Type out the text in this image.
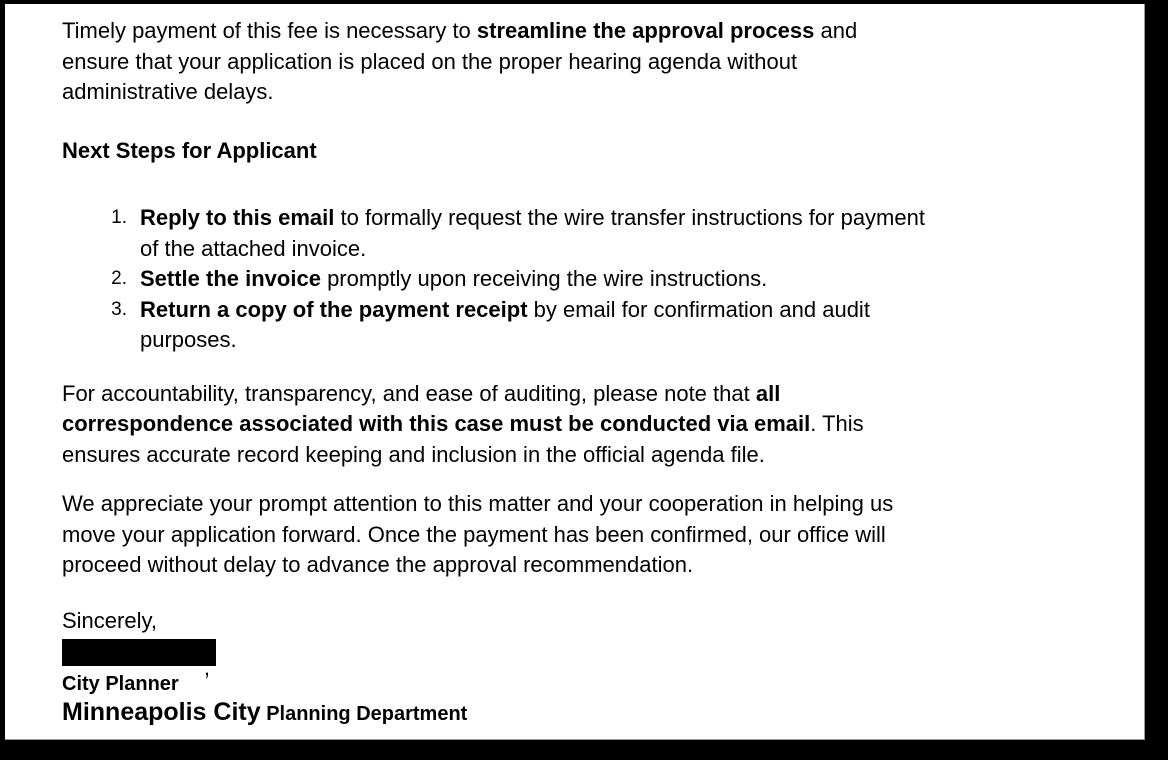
Timely payment of this fee is necessary to streamline the approval process and
ensure that your application is placed on the proper hearing agenda without
administrative delays.

Next Steps for Applicant

1. Reply to this email to formally request the wire transfer instructions for payment
of the attached invoice.
2. Settle the invoice promptly upon receiving the wire instructions.
3. Return a copy of the payment receipt by email for confirmation and audit
purposes.

For accountability, transparency, and ease of auditing, please note that all
correspondence associated with this case must be conducted via email. This
ensures accurate record keeping and inclusion in the official agenda file.

We appreciate your prompt attention to this matter and your cooperation in helping us
move your application forward. Once the payment has been confirmed, our office will
proceed without delay to advance the approval recommendation.

Sincerely,
,
City Planner
Minneapolis City Planning Department
